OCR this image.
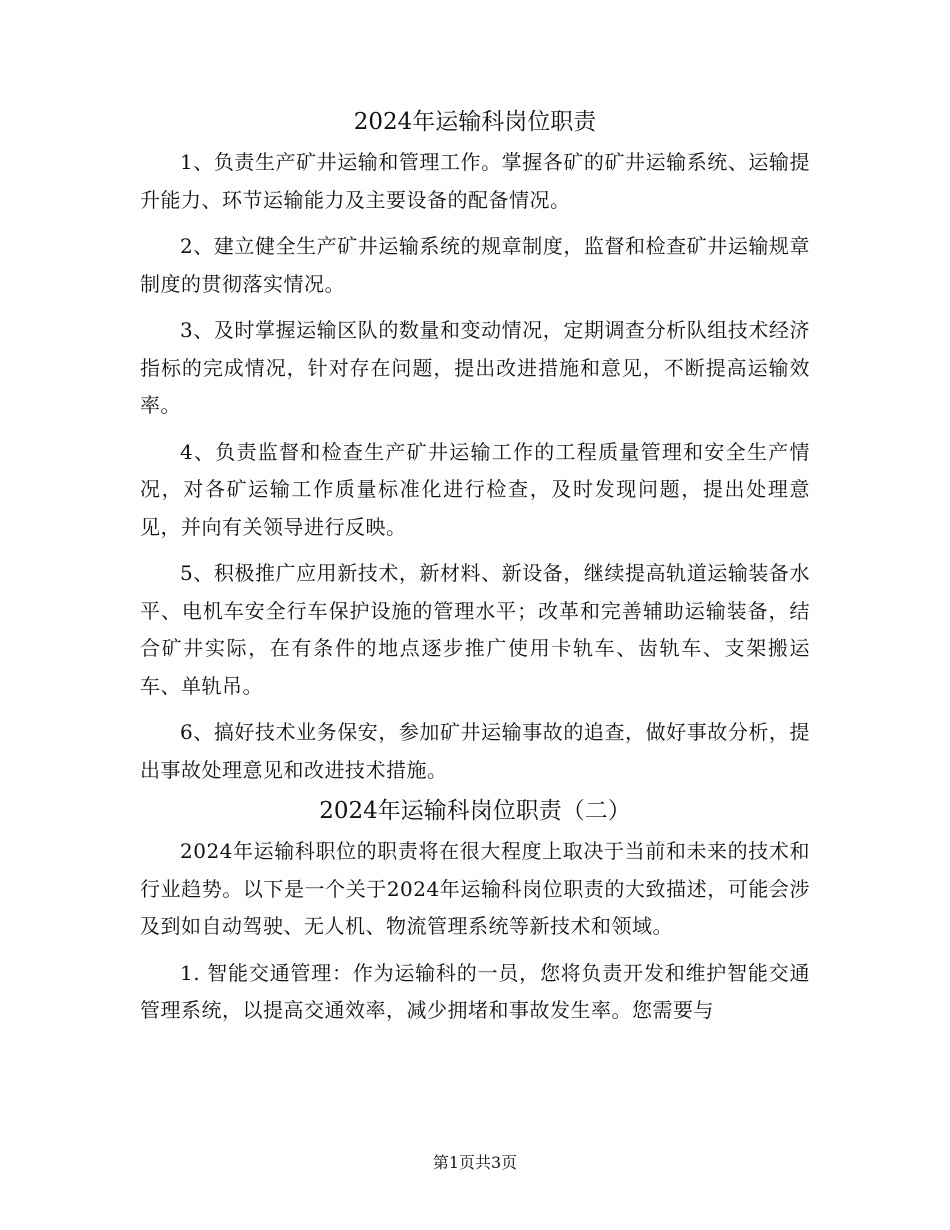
2024年运输科岗位职责

1、负责生产矿井运输和管理工作。掌握各矿的矿井运输系统、运输提升能力、环节运输能力及主要设备的配备情况。

2、建立健全生产矿井运输系统的规章制度，监督和检查矿井运输规章制度的贯彻落实情况。

3、及时掌握运输区队的数量和变动情况，定期调查分析队组技术经济指标的完成情况，针对存在问题，提出改进措施和意见，不断提高运输效率。

4、负责监督和检查生产矿井运输工作的工程质量管理和安全生产情况，对各矿运输工作质量标准化进行检查，及时发现问题，提出处理意见，并向有关领导进行反映。

5、积极推广应用新技术，新材料、新设备，继续提高轨道运输装备水平、电机车安全行车保护设施的管理水平；改革和完善辅助运输装备，结合矿井实际，在有条件的地点逐步推广使用卡轨车、齿轨车、支架搬运车、单轨吊。

6、搞好技术业务保安，参加矿井运输事故的追查，做好事故分析，提出事故处理意见和改进技术措施。

2024年运输科岗位职责（二）

2024年运输科职位的职责将在很大程度上取决于当前和未来的技术和行业趋势。以下是一个关于2024年运输科岗位职责的大致描述，可能会涉及到如自动驾驶、无人机、物流管理系统等新技术和领域。

1. 智能交通管理：作为运输科的一员，您将负责开发和维护智能交通管理系统，以提高交通效率，减少拥堵和事故发生率。您需要与

第1页共3页
